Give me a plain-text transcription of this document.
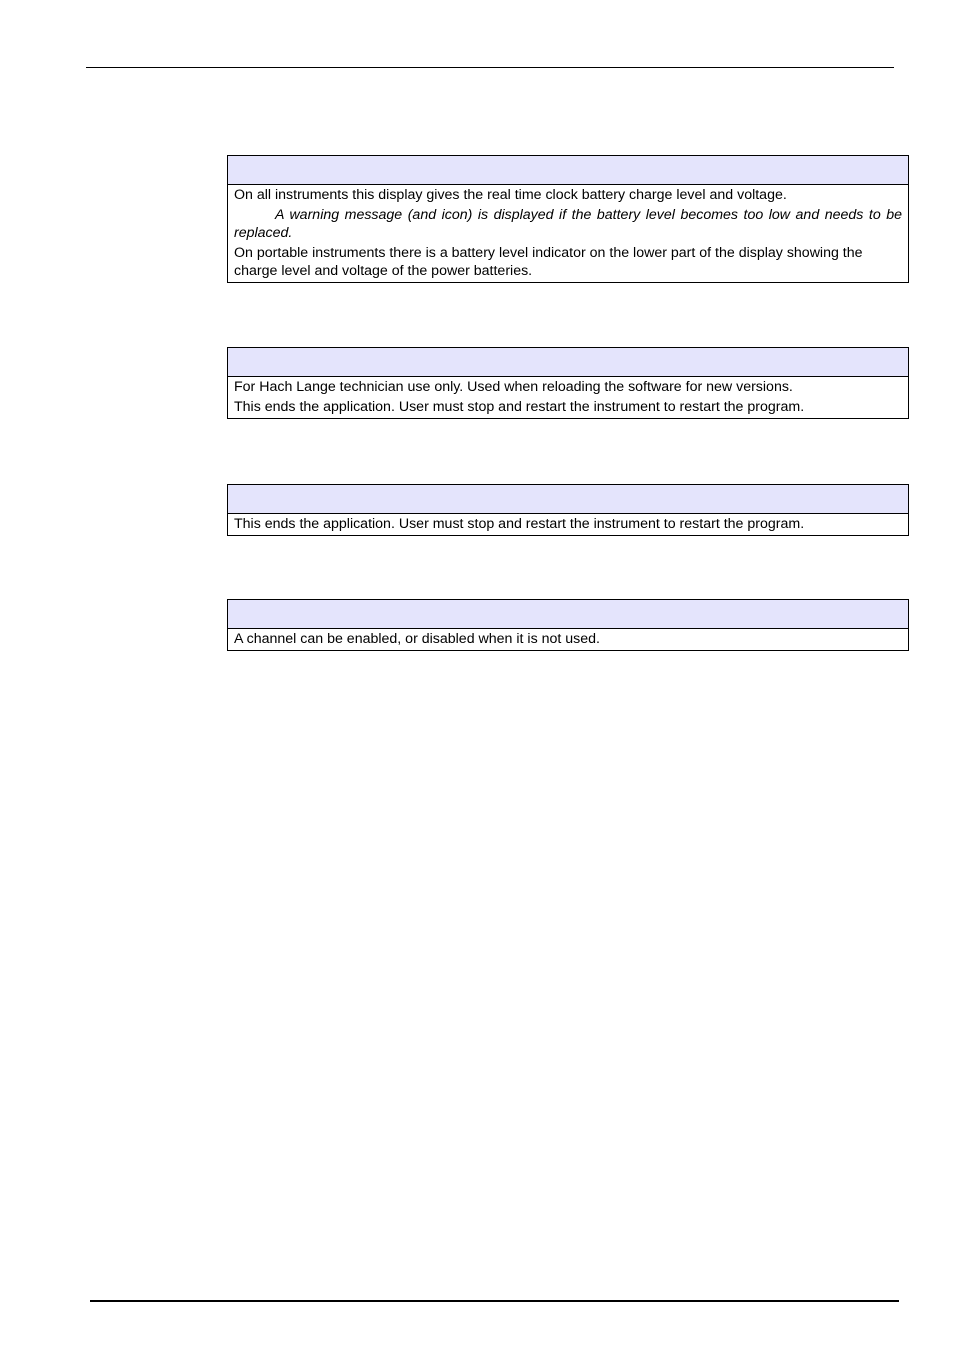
On all instruments this display gives the real time clock battery charge level and voltage.

A warning message (and icon) is displayed if the battery level becomes too low and needs to be replaced.

On portable instruments there is a battery level indicator on the lower part of the display showing the charge level and voltage of the power batteries.

For Hach Lange technician use only. Used when reloading the software for new versions.

This ends the application. User must stop and restart the instrument to restart the program.

This ends the application. User must stop and restart the instrument to restart the program.

A channel can be enabled, or disabled when it is not used.
